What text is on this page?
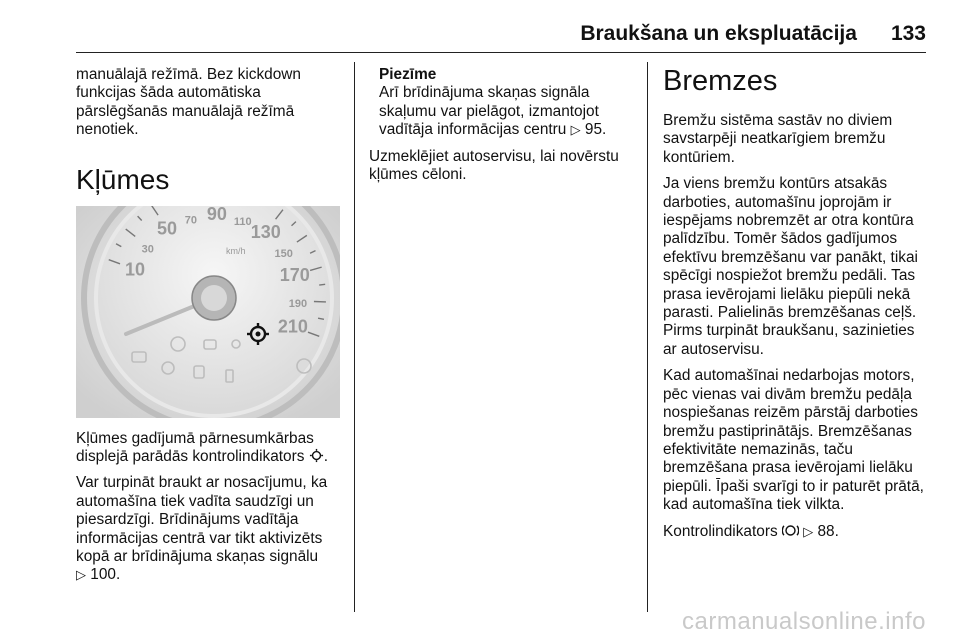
Braukšana un ekspluatācija 133

manuālajā režīmā. Bez kickdown funkcijas šāda automātiska pārslēgšanās manuālajā režīmā nenotiek.

Kļūmes
10
30
50 70 90 110 130
150
170
190
210
km/h

Kļūmes gadījumā pārnesumkārbas displejā parādās kontrolindikators .

Var turpināt braukt ar nosacījumu, ka automašīna tiek vadīta saudzīgi un piesardzīgi. Brīdinājums vadītāja informācijas centrā var tikt aktivizēts kopā ar brīdinājuma skaņas signālu
▷ 100.

Piezīme
Arī brīdinājuma skaņas signāla skaļumu var pielāgot, izmantojot vadītāja informācijas centru ▷ 95.

Uzmeklējiet autoservisu, lai novērstu kļūmes cēloni.

Bremzes

Bremžu sistēma sastāv no diviem savstarpēji neatkarīgiem bremžu kontūriem.

Ja viens bremžu kontūrs atsakās darboties, automašīnu joprojām ir iespējams nobremzēt ar otra kontūra palīdzību. Tomēr šādos gadījumos efektīvu bremzēšanu var panākt, tikai spēcīgi nospiežot bremžu pedāli. Tas prasa ievērojami lielāku piepūli nekā parasti. Palielinās bremzēšanas ceļš. Pirms turpināt braukšanu, sazinieties ar autoservisu.

Kad automašīnai nedarbojas motors, pēc vienas vai divām bremžu pedāļa nospiešanas reizēm pārstāj darboties bremžu pastiprinātājs. Bremzēšanas efektivitāte nemazinās, taču bremzēšana prasa ievērojami lielāku piepūli. Īpaši svarīgi to ir paturēt prātā, kad automašīna tiek vilkta.

Kontrolindikators ▷ 88.

carmanualsonline.info
